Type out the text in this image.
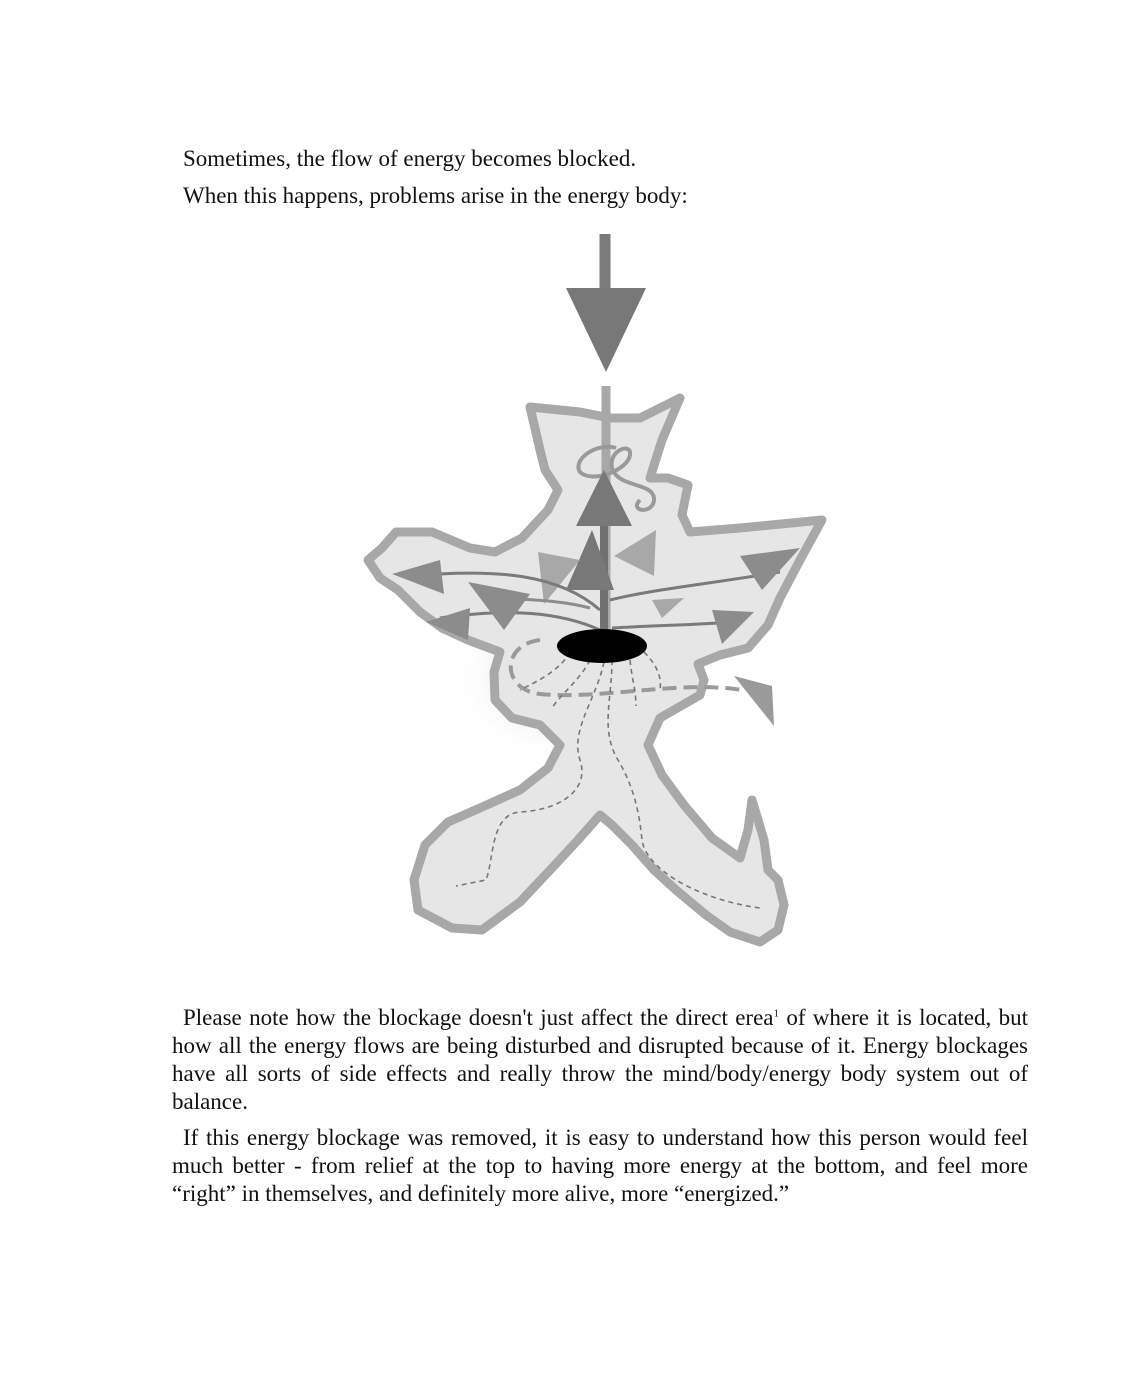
Sometimes, the flow of energy becomes blocked.

When this happens, problems arise in the energy body:

Please note how the blockage doesn't just affect the direct erea$^1$ of where it is located, but how all the energy flows are being disturbed and disrupted because of it. Energy blockages have all sorts of side effects and really throw the mind/body/energy body system out of balance.

If this energy blockage was removed, it is easy to understand how this person would feel much better - from relief at the top to having more energy at the bottom, and feel more “right” in themselves, and definitely more alive, more “energized.”
